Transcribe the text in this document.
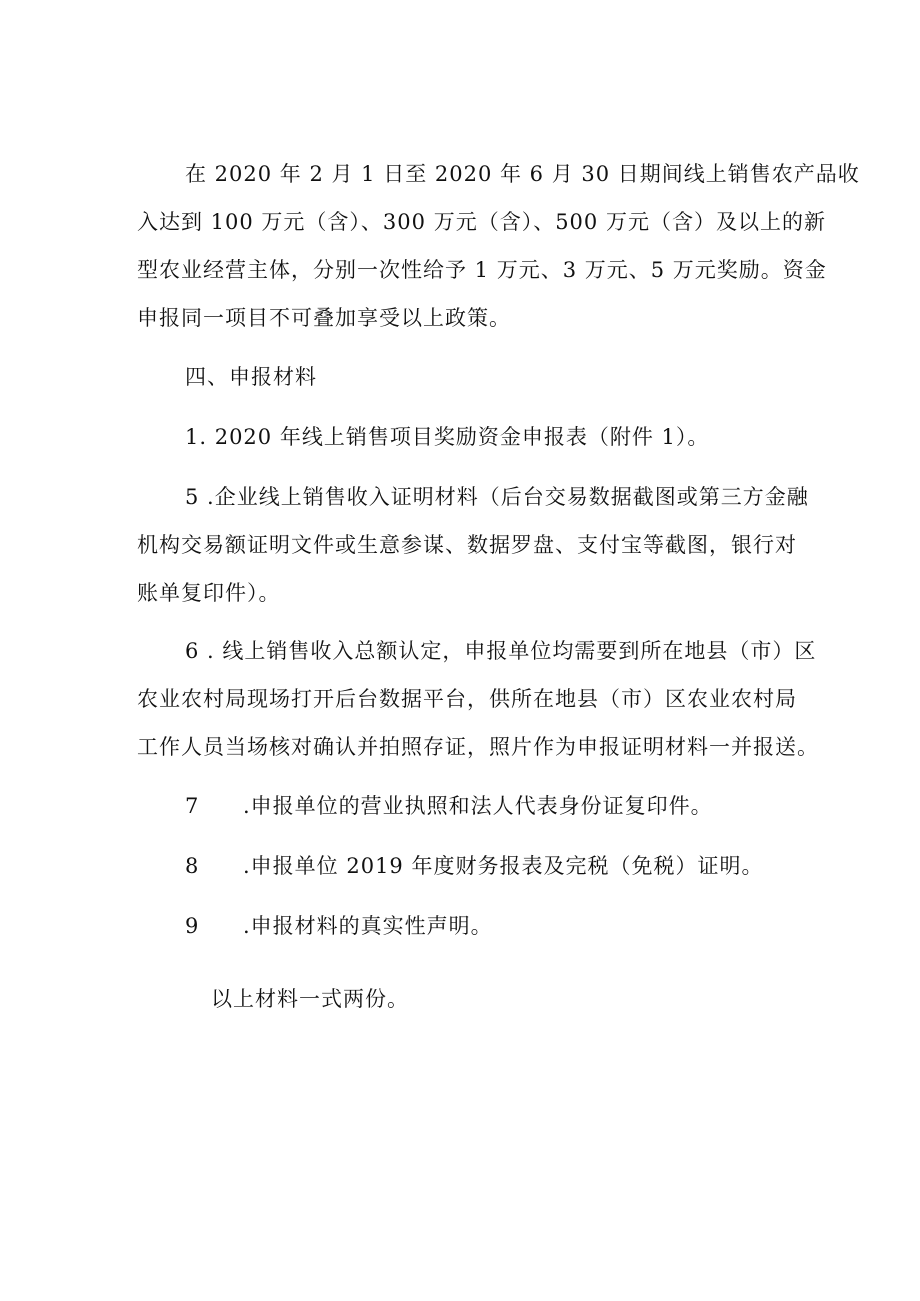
在 2020 年 2 月 1 日至 2020 年 6 月 30 日期间线上销售农产品收
入达到 100 万元（含）、300 万元（含）、500 万元（含）及以上的新
型农业经营主体，分别一次性给予 1 万元、3 万元、5 万元奖励。资金
申报同一项目不可叠加享受以上政策。
四、申报材料
1. 2020 年线上销售项目奖励资金申报表（附件 1）。
5 .企业线上销售收入证明材料（后台交易数据截图或第三方金融
机构交易额证明文件或生意参谋、数据罗盘、支付宝等截图，银行对
账单复印件）。
6 . 线上销售收入总额认定，申报单位均需要到所在地县（市）区
农业农村局现场打开后台数据平台，供所在地县（市）区农业农村局
工作人员当场核对确认并拍照存证，照片作为申报证明材料一并报送。
7 .申报单位的营业执照和法人代表身份证复印件。
8 .申报单位 2019 年度财务报表及完税（免税）证明。
9 .申报材料的真实性声明。
以上材料一式两份。
